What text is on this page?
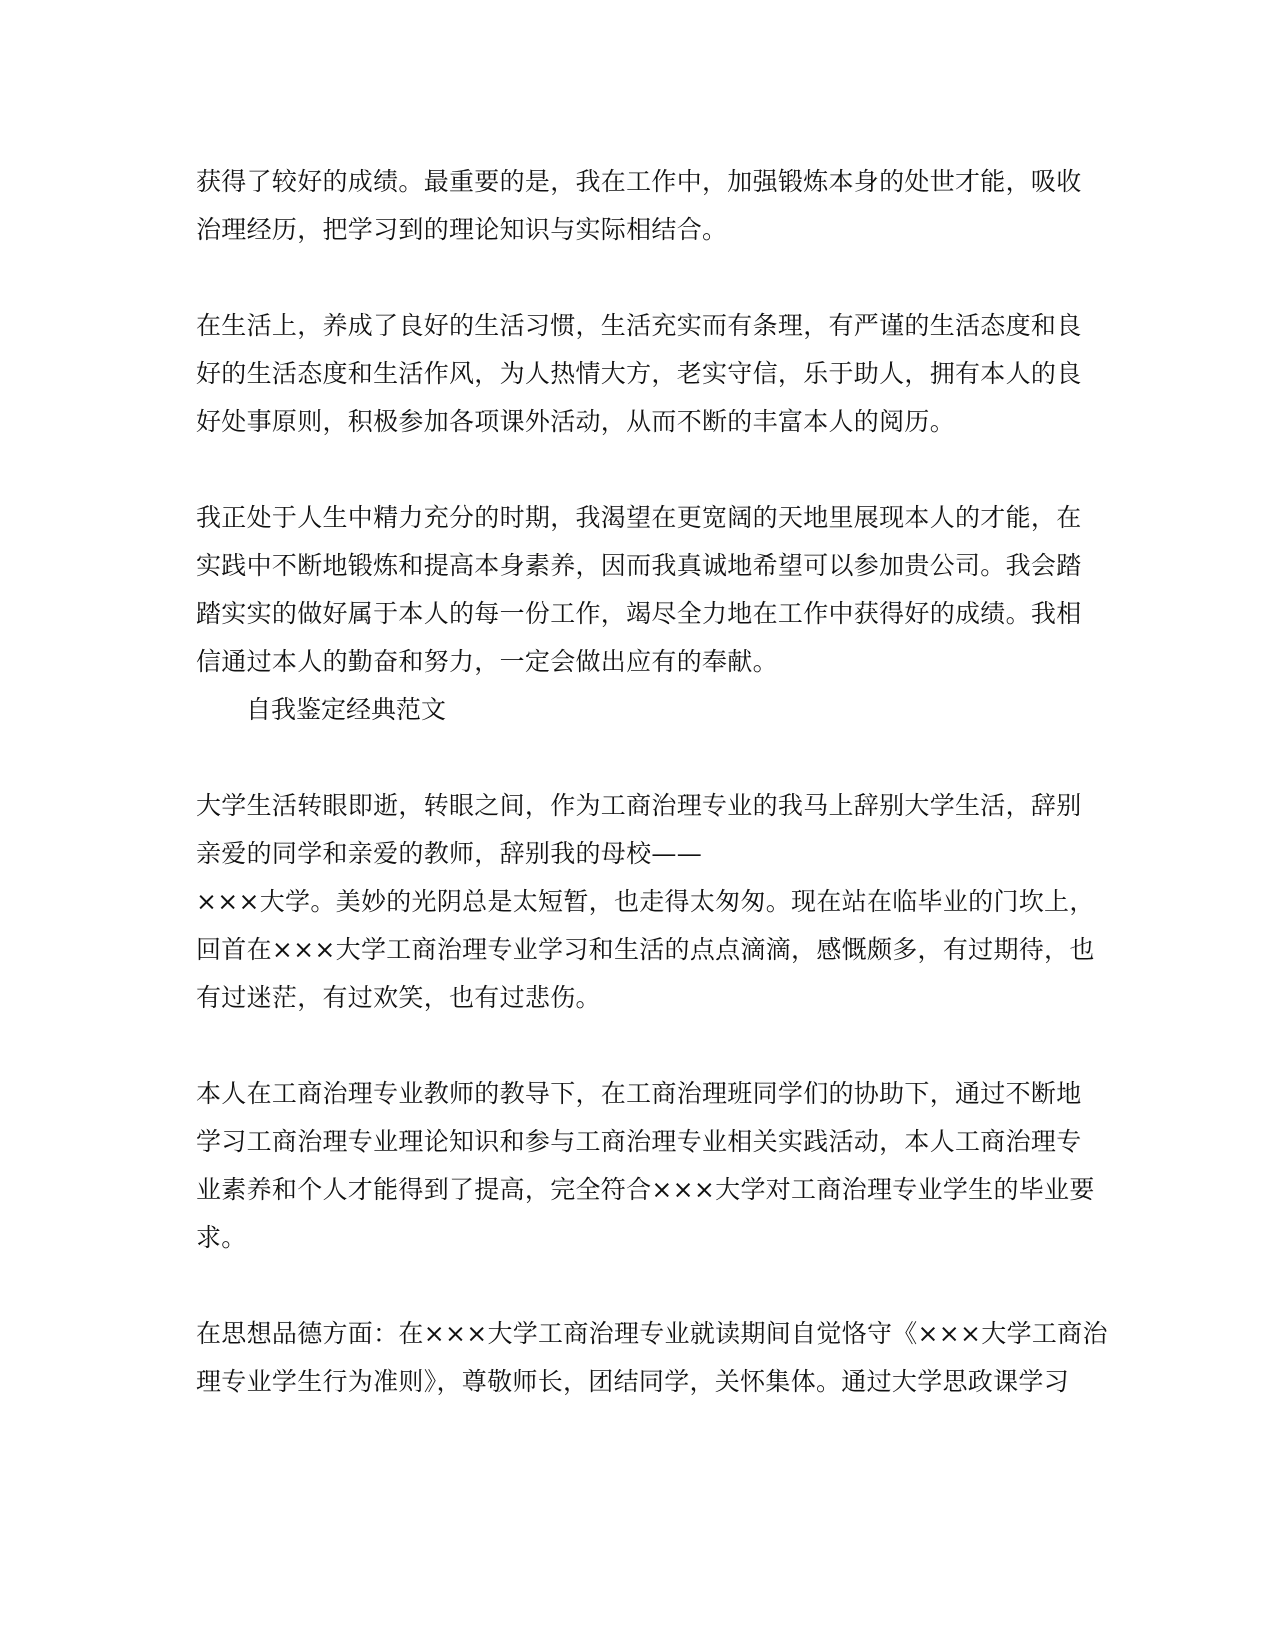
获得了较好的成绩。最重要的是，我在工作中，加强锻炼本身的处世才能，吸收
治理经历，把学习到的理论知识与实际相结合。

在生活上，养成了良好的生活习惯，生活充实而有条理，有严谨的生活态度和良
好的生活态度和生活作风，为人热情大方，老实守信，乐于助人，拥有本人的良
好处事原则，积极参加各项课外活动，从而不断的丰富本人的阅历。

我正处于人生中精力充分的时期，我渴望在更宽阔的天地里展现本人的才能，在
实践中不断地锻炼和提高本身素养，因而我真诚地希望可以参加贵公司。我会踏
踏实实的做好属于本人的每一份工作，竭尽全力地在工作中获得好的成绩。我相
信通过本人的勤奋和努力，一定会做出应有的奉献。

自我鉴定经典范文

大学生活转眼即逝，转眼之间，作为工商治理专业的我马上辞别大学生活，辞别
亲爱的同学和亲爱的教师，辞别我的母校——
×××大学。美妙的光阴总是太短暂，也走得太匆匆。现在站在临毕业的门坎上，
回首在×××大学工商治理专业学习和生活的点点滴滴，感慨颇多，有过期待，也
有过迷茫，有过欢笑，也有过悲伤。

本人在工商治理专业教师的教导下，在工商治理班同学们的协助下，通过不断地
学习工商治理专业理论知识和参与工商治理专业相关实践活动，本人工商治理专
业素养和个人才能得到了提高，完全符合×××大学对工商治理专业学生的毕业要
求。

在思想品德方面：在×××大学工商治理专业就读期间自觉恪守《×××大学工商治
理专业学生行为准则》，尊敬师长，团结同学，关怀集体。通过大学思政课学习
